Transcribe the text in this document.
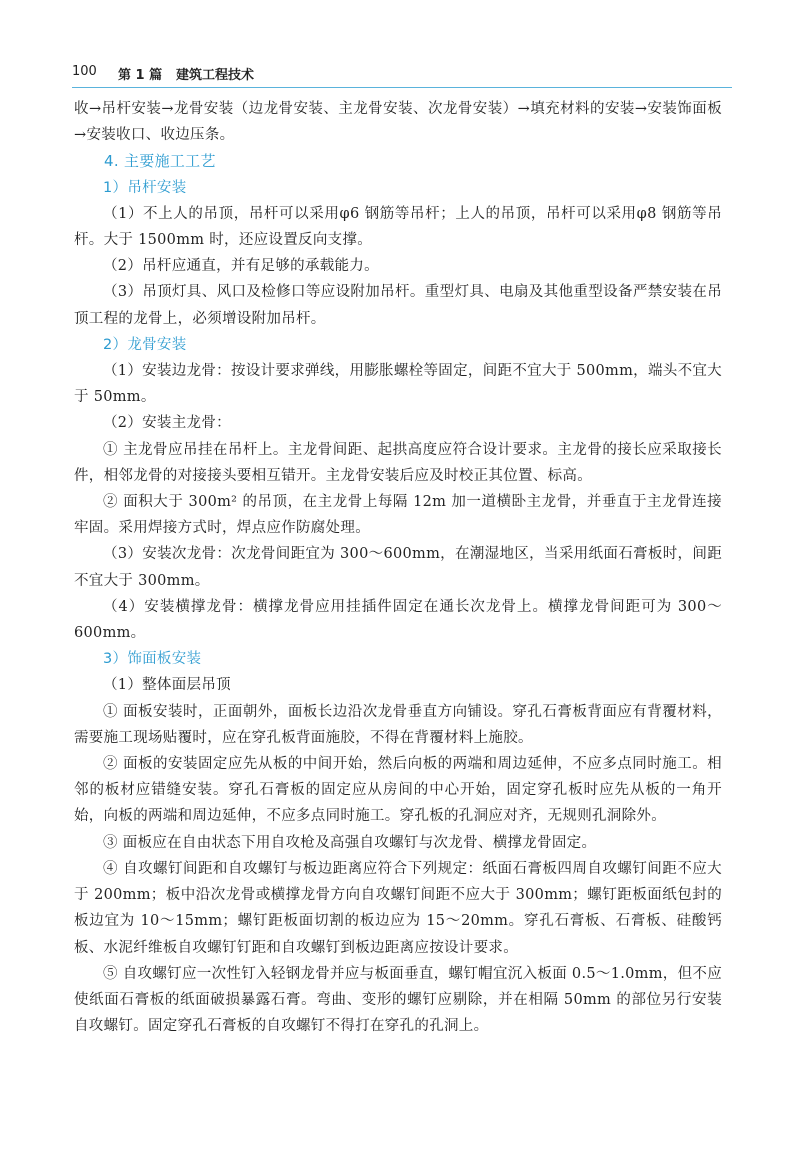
100 第 1 篇 建筑工程技术

收→吊杆安装→龙骨安装（边龙骨安装、主龙骨安装、次龙骨安装）→填充材料的安装→安装饰面板→安装收口、收边压条。

4. 主要施工工艺
1）吊杆安装

（1）不上人的吊顶，吊杆可以采用φ6 钢筋等吊杆；上人的吊顶，吊杆可以采用φ8 钢筋等吊杆。大于 1500mm 时，还应设置反向支撑。

（2）吊杆应通直，并有足够的承载能力。

（3）吊顶灯具、风口及检修口等应设附加吊杆。重型灯具、电扇及其他重型设备严禁安装在吊顶工程的龙骨上，必须增设附加吊杆。

2）龙骨安装

（1）安装边龙骨：按设计要求弹线，用膨胀螺栓等固定，间距不宜大于 500mm，端头不宜大于 50mm。

（2）安装主龙骨：

① 主龙骨应吊挂在吊杆上。主龙骨间距、起拱高度应符合设计要求。主龙骨的接长应采取接长件，相邻龙骨的对接接头要相互错开。主龙骨安装后应及时校正其位置、标高。

② 面积大于 300m² 的吊顶，在主龙骨上每隔 12m 加一道横卧主龙骨，并垂直于主龙骨连接牢固。采用焊接方式时，焊点应作防腐处理。

（3）安装次龙骨：次龙骨间距宜为 300～600mm，在潮湿地区，当采用纸面石膏板时，间距不宜大于 300mm。

（4）安装横撑龙骨：横撑龙骨应用挂插件固定在通长次龙骨上。横撑龙骨间距可为 300～600mm。

3）饰面板安装

（1）整体面层吊顶

① 面板安装时，正面朝外，面板长边沿次龙骨垂直方向铺设。穿孔石膏板背面应有背覆材料，需要施工现场贴覆时，应在穿孔板背面施胶，不得在背覆材料上施胶。

② 面板的安装固定应先从板的中间开始，然后向板的两端和周边延伸，不应多点同时施工。相邻的板材应错缝安装。穿孔石膏板的固定应从房间的中心开始，固定穿孔板时应先从板的一角开始，向板的两端和周边延伸，不应多点同时施工。穿孔板的孔洞应对齐，无规则孔洞除外。

③ 面板应在自由状态下用自攻枪及高强自攻螺钉与次龙骨、横撑龙骨固定。

④ 自攻螺钉间距和自攻螺钉与板边距离应符合下列规定：纸面石膏板四周自攻螺钉间距不应大于 200mm；板中沿次龙骨或横撑龙骨方向自攻螺钉间距不应大于 300mm；螺钉距板面纸包封的板边宜为 10～15mm；螺钉距板面切割的板边应为 15～20mm。穿孔石膏板、石膏板、硅酸钙板、水泥纤维板自攻螺钉钉距和自攻螺钉到板边距离应按设计要求。

⑤ 自攻螺钉应一次性钉入轻钢龙骨并应与板面垂直，螺钉帽宜沉入板面 0.5～1.0mm，但不应使纸面石膏板的纸面破损暴露石膏。弯曲、变形的螺钉应剔除，并在相隔 50mm 的部位另行安装自攻螺钉。固定穿孔石膏板的自攻螺钉不得打在穿孔的孔洞上。
